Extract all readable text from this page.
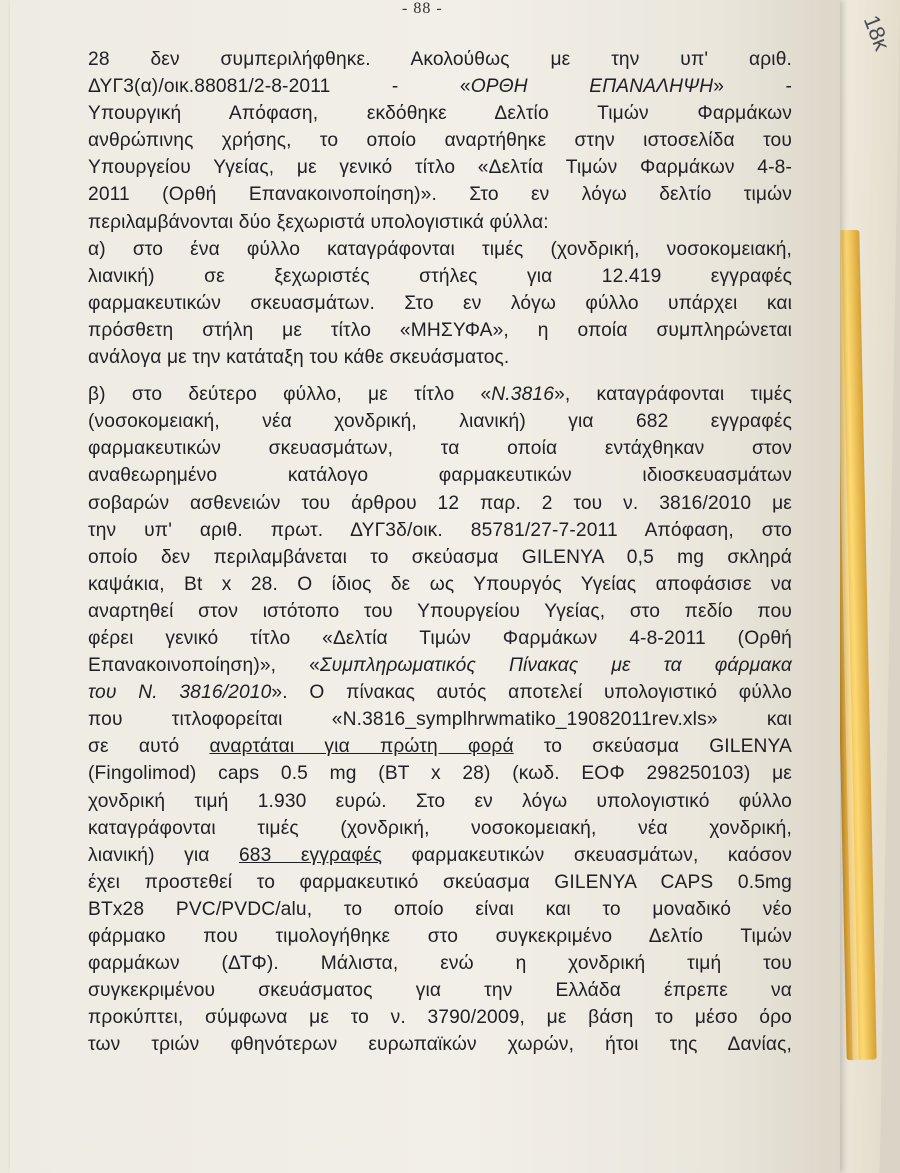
18κ
- 88 -
28 δεν συμπεριλήφθηκε. Ακολούθως με την υπ' αριθ.
ΔΥΓ3(α)/οικ.88081/2-8-2011 - «ΟΡΘΗ ΕΠΑΝΑΛΗΨΗ» -
Υπουργική Απόφαση, εκδόθηκε Δελτίο Τιμών Φαρμάκων
ανθρώπινης χρήσης, το οποίο αναρτήθηκε στην ιστοσελίδα του
Υπουργείου Υγείας, με γενικό τίτλο «Δελτία Τιμών Φαρμάκων 4-8-
2011 (Ορθή Επανακοινοποίηση)». Στο εν λόγω δελτίο τιμών
περιλαμβάνονται δύο ξεχωριστά υπολογιστικά φύλλα:
α) στο ένα φύλλο καταγράφονται τιμές (χονδρική, νοσοκομειακή,
λιανική) σε ξεχωριστές στήλες για 12.419 εγγραφές
φαρμακευτικών σκευασμάτων. Στο εν λόγω φύλλο υπάρχει και
πρόσθετη στήλη με τίτλο «ΜΗΣΥΦΑ», η οποία συμπληρώνεται
ανάλογα με την κατάταξη του κάθε σκευάσματος.
β) στο δεύτερο φύλλο, με τίτλο «Ν.3816», καταγράφονται τιμές
(νοσοκομειακή, νέα χονδρική, λιανική) για 682 εγγραφές
φαρμακευτικών σκευασμάτων, τα οποία εντάχθηκαν στον
αναθεωρημένο κατάλογο φαρμακευτικών ιδιοσκευασμάτων
σοβαρών ασθενειών του άρθρου 12 παρ. 2 του ν. 3816/2010 με
την υπ' αριθ. πρωτ. ΔΥΓ3δ/οικ. 85781/27-7-2011 Απόφαση, στο
οποίο δεν περιλαμβάνεται το σκεύασμα GILENYA 0,5 mg σκληρά
καψάκια, Bt x 28. Ο ίδιος δε ως Υπουργός Υγείας αποφάσισε να
αναρτηθεί στον ιστότοπο του Υπουργείου Υγείας, στο πεδίο που
φέρει γενικό τίτλο «Δελτία Τιμών Φαρμάκων 4-8-2011 (Ορθή
Επανακοινοποίηση)», «Συμπληρωματικός Πίνακας με τα φάρμακα
του Ν. 3816/2010». Ο πίνακας αυτός αποτελεί υπολογιστικό φύλλο
που τιτλοφορείται «N.3816_symplhrwmatiko_19082011rev.xls» και
σε αυτό αναρτάται για πρώτη φορά το σκεύασμα GILENYA
(Fingolimod) caps 0.5 mg (BT x 28) (κωδ. ΕΟΦ 298250103) με
χονδρική τιμή 1.930 ευρώ. Στο εν λόγω υπολογιστικό φύλλο
καταγράφονται τιμές (χονδρική, νοσοκομειακή, νέα χονδρική,
λιανική) για 683 εγγραφές φαρμακευτικών σκευασμάτων, καόσον
έχει προστεθεί το φαρμακευτικό σκεύασμα GILENYA CAPS 0.5mg
BTx28 PVC/PVDC/alu, το οποίο είναι και το μοναδικό νέο
φάρμακο που τιμολογήθηκε στο συγκεκριμένο Δελτίο Τιμών
φαρμάκων (ΔΤΦ). Μάλιστα, ενώ η χονδρική τιμή του
συγκεκριμένου σκευάσματος για την Ελλάδα έπρεπε να
προκύπτει, σύμφωνα με το ν. 3790/2009, με βάση το μέσο όρο
των τριών φθηνότερων ευρωπαϊκών χωρών, ήτοι της Δανίας,
